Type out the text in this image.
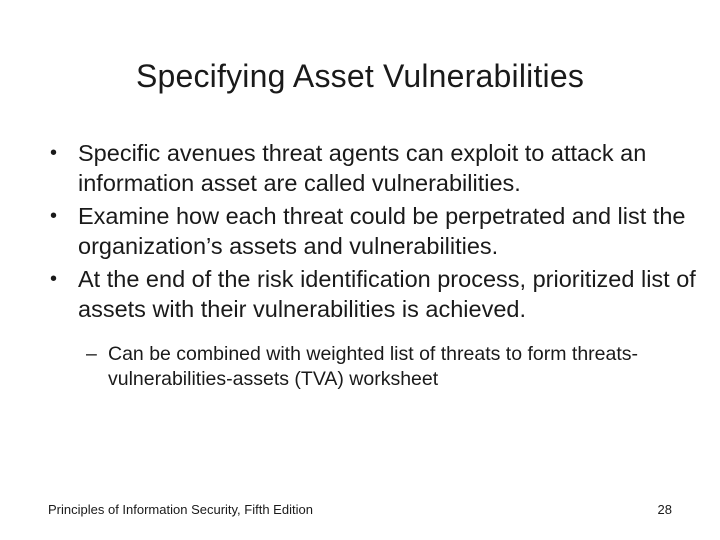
Specifying Asset Vulnerabilities
• Specific avenues threat agents can exploit to attack an information asset are called vulnerabilities.
• Examine how each threat could be perpetrated and list the organization’s assets and vulnerabilities.
• At the end of the risk identification process, prioritized list of assets with their vulnerabilities is achieved.
– Can be combined with weighted list of threats to form threats-vulnerabilities-assets (TVA) worksheet
Principles of Information Security, Fifth Edition	28
